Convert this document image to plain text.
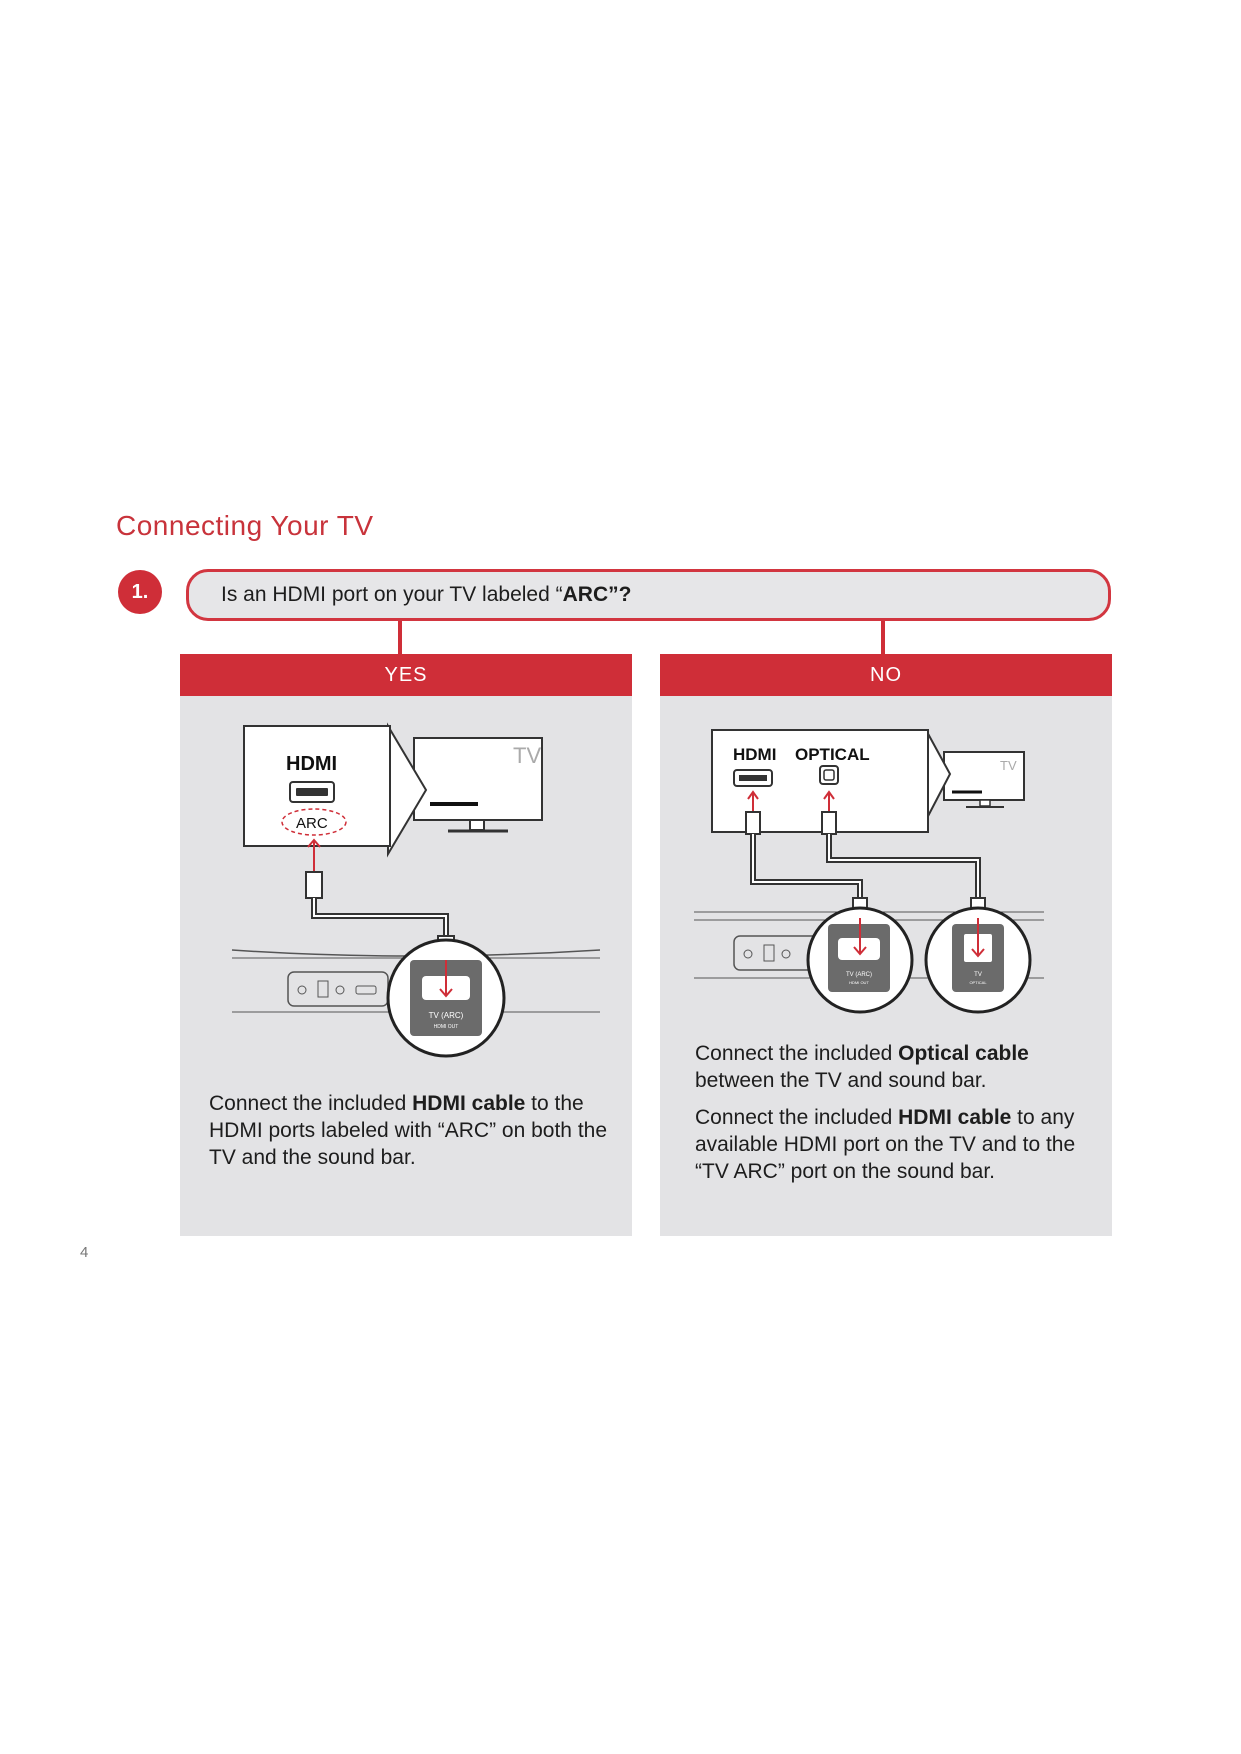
Connecting Your TV
1.	Is an HDMI port on your TV labeled “ARC”?
YES
TV
HDMI
ARC
TV (ARC)
HDMI OUT

Connect the included HDMI cable to the HDMI ports labeled with “ARC” on both the TV and the sound bar.

NO
TV
HDMI OPTICAL
TV (ARC)
HDMI OUT
TV
OPTICAL

Connect the included Optical cable between the TV and sound bar.

Connect the included HDMI cable to any available HDMI port on the TV and to the “TV ARC” port on the sound bar.

4
